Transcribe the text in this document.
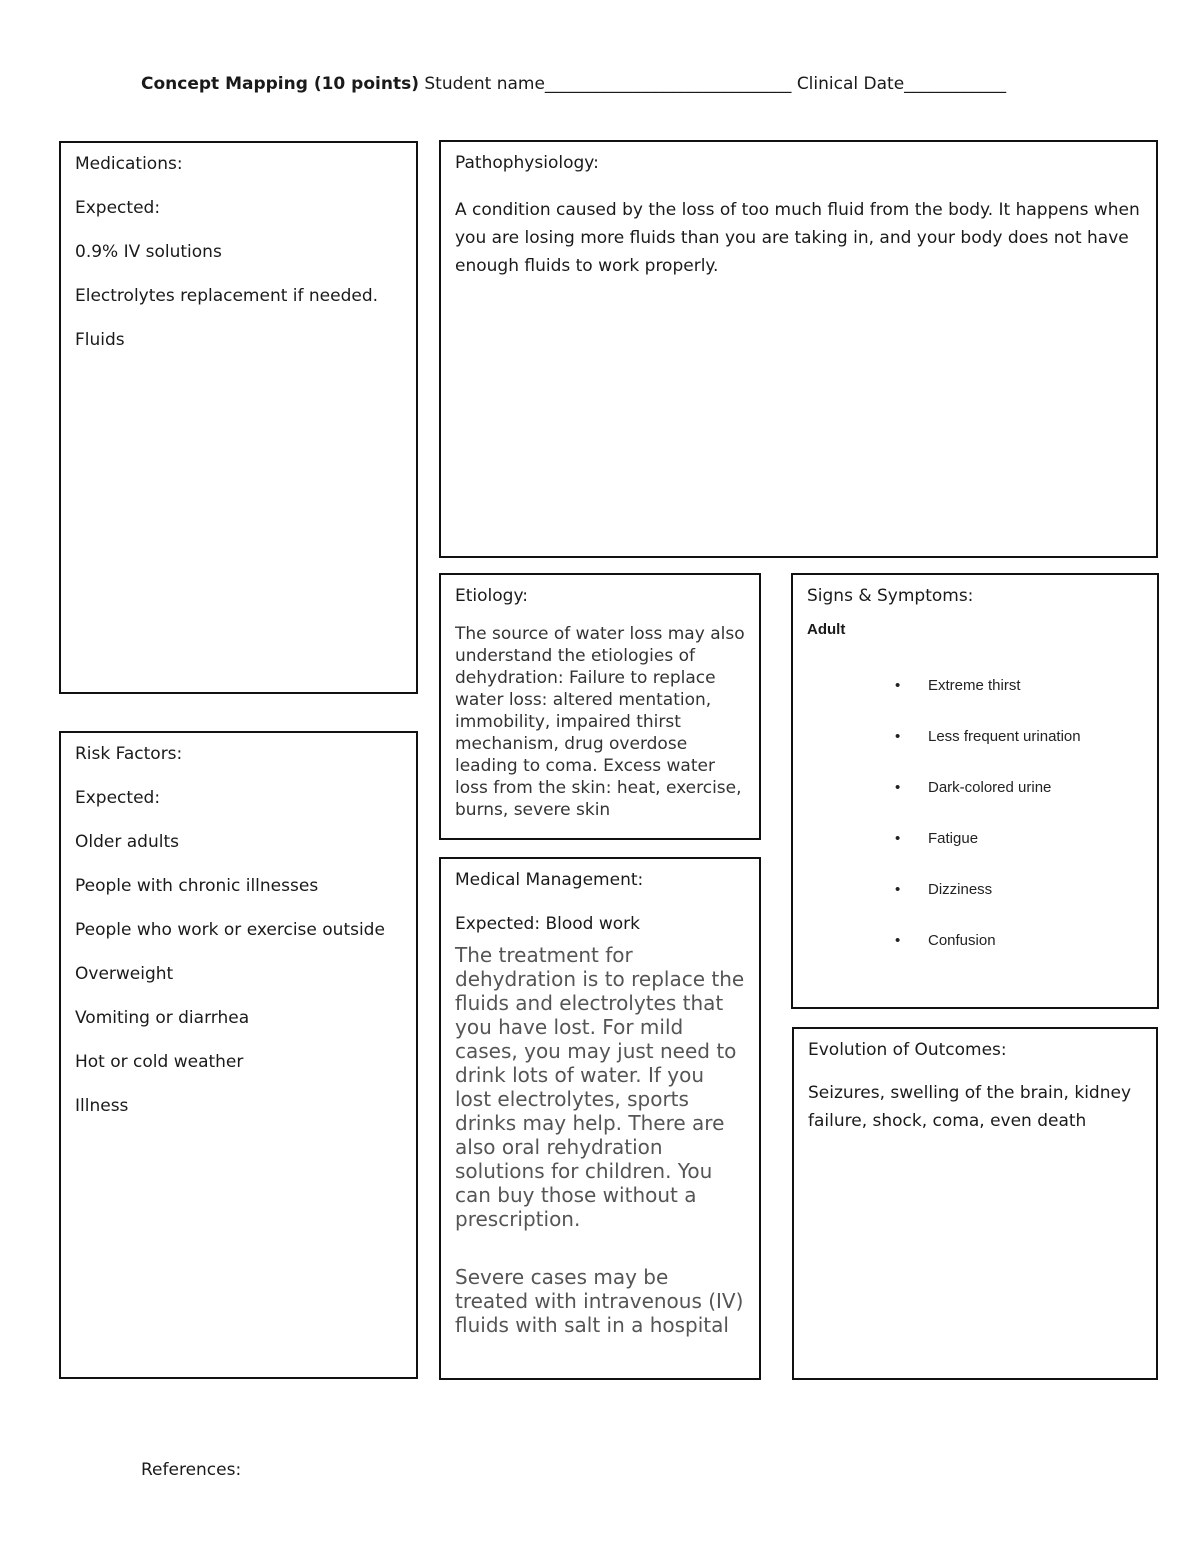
Concept Mapping (10 points) Student name_____________________________ Clinical Date____________

Medications:

Expected:

0.9% IV solutions

Electrolytes replacement if needed.

Fluids

Pathophysiology:

A condition caused by the loss of too much fluid from the body. It happens when you are losing more fluids than you are taking in, and your body does not have enough fluids to work properly.

Etiology:

The source of water loss may also understand the etiologies of dehydration: Failure to replace water loss: altered mentation, immobility, impaired thirst mechanism, drug overdose leading to coma. Excess water loss from the skin: heat, exercise, burns, severe skin

Signs & Symptoms:

Adult

• Extreme thirst
• Less frequent urination
• Dark-colored urine
• Fatigue
• Dizziness
• Confusion

Risk Factors:

Expected:

Older adults

People with chronic illnesses

People who work or exercise outside

Overweight

Vomiting or diarrhea

Hot or cold weather

Illness

Medical Management:

Expected: Blood work

The treatment for dehydration is to replace the fluids and electrolytes that you have lost. For mild cases, you may just need to drink lots of water. If you lost electrolytes, sports drinks may help. There are also oral rehydration solutions for children. You can buy those without a prescription.

Severe cases may be treated with intravenous (IV) fluids with salt in a hospital

Evolution of Outcomes:

Seizures, swelling of the brain, kidney failure, shock, coma, even death

References:
